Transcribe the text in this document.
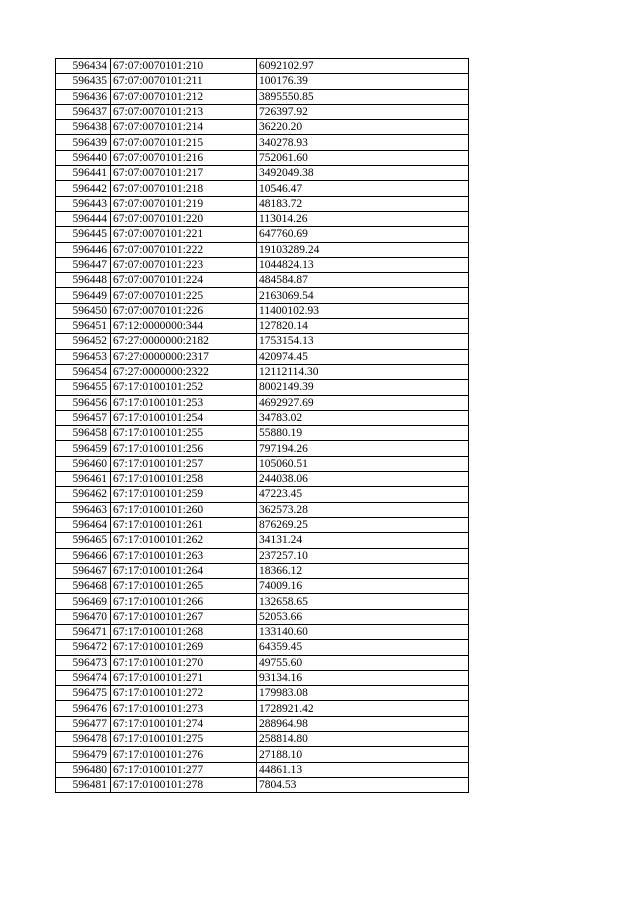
596434	67:07:0070101:210	6092102.97
596435	67:07:0070101:211	100176.39
596436	67:07:0070101:212	3895550.85
596437	67:07:0070101:213	726397.92
596438	67:07:0070101:214	36220.20
596439	67:07:0070101:215	340278.93
596440	67:07:0070101:216	752061.60
596441	67:07:0070101:217	3492049.38
596442	67:07:0070101:218	10546.47
596443	67:07:0070101:219	48183.72
596444	67:07:0070101:220	113014.26
596445	67:07:0070101:221	647760.69
596446	67:07:0070101:222	19103289.24
596447	67:07:0070101:223	1044824.13
596448	67:07:0070101:224	484584.87
596449	67:07:0070101:225	2163069.54
596450	67:07:0070101:226	11400102.93
596451	67:12:0000000:344	127820.14
596452	67:27:0000000:2182	1753154.13
596453	67:27:0000000:2317	420974.45
596454	67:27:0000000:2322	12112114.30
596455	67:17:0100101:252	8002149.39
596456	67:17:0100101:253	4692927.69
596457	67:17:0100101:254	34783.02
596458	67:17:0100101:255	55880.19
596459	67:17:0100101:256	797194.26
596460	67:17:0100101:257	105060.51
596461	67:17:0100101:258	244038.06
596462	67:17:0100101:259	47223.45
596463	67:17:0100101:260	362573.28
596464	67:17:0100101:261	876269.25
596465	67:17:0100101:262	34131.24
596466	67:17:0100101:263	237257.10
596467	67:17:0100101:264	18366.12
596468	67:17:0100101:265	74009.16
596469	67:17:0100101:266	132658.65
596470	67:17:0100101:267	52053.66
596471	67:17:0100101:268	133140.60
596472	67:17:0100101:269	64359.45
596473	67:17:0100101:270	49755.60
596474	67:17:0100101:271	93134.16
596475	67:17:0100101:272	179983.08
596476	67:17:0100101:273	1728921.42
596477	67:17:0100101:274	288964.98
596478	67:17:0100101:275	258814.80
596479	67:17:0100101:276	27188.10
596480	67:17:0100101:277	44861.13
596481	67:17:0100101:278	7804.53
